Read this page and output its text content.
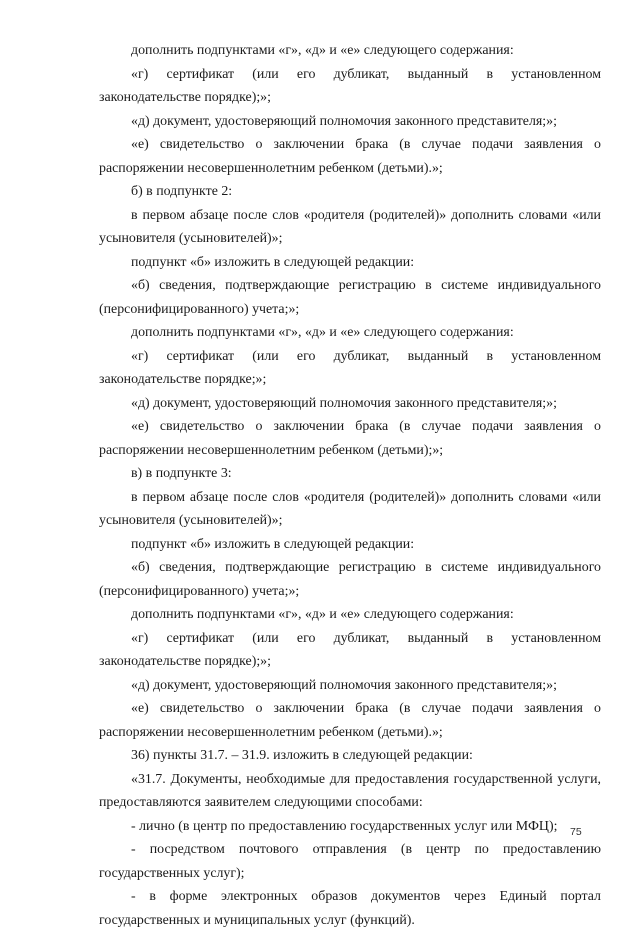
дополнить подпунктами «г», «д» и «е» следующего содержания:

«г) сертификат (или его дубликат, выданный в установленном законодательстве порядке);»;

«д) документ, удостоверяющий полномочия законного представителя;»;

«е) свидетельство о заключении брака (в случае подачи заявления о распоряжении несовершеннолетним ребенком (детьми).»;

б) в подпункте 2:

в первом абзаце после слов «родителя (родителей)» дополнить словами «или усыновителя (усыновителей)»;

подпункт «б» изложить в следующей редакции:

«б) сведения, подтверждающие регистрацию в системе индивидуального (персонифицированного) учета;»;

дополнить подпунктами «г», «д» и «е» следующего содержания:

«г) сертификат (или его дубликат, выданный в установленном законодательстве порядке;»;

«д) документ, удостоверяющий полномочия законного представителя;»;

«е) свидетельство о заключении брака (в случае подачи заявления о распоряжении несовершеннолетним ребенком (детьми);»;

в) в подпункте 3:

в первом абзаце после слов «родителя (родителей)» дополнить словами «или усыновителя (усыновителей)»;

подпункт «б» изложить в следующей редакции:

«б) сведения, подтверждающие регистрацию в системе индивидуального (персонифицированного) учета;»;

дополнить подпунктами «г», «д» и «е» следующего содержания:

«г) сертификат (или его дубликат, выданный в установленном законодательстве порядке);»;

«д) документ, удостоверяющий полномочия законного представителя;»;

«е) свидетельство о заключении брака (в случае подачи заявления о распоряжении несовершеннолетним ребенком (детьми).»;

36) пункты 31.7. – 31.9. изложить в следующей редакции:

«31.7. Документы, необходимые для предоставления государственной услуги, предоставляются заявителем следующими способами:

- лично (в центр по предоставлению государственных услуг или МФЦ);

- посредством почтового отправления (в центр по предоставлению государственных услуг);

- в форме электронных образов документов через Единый портал государственных и муниципальных услуг (функций).

75
